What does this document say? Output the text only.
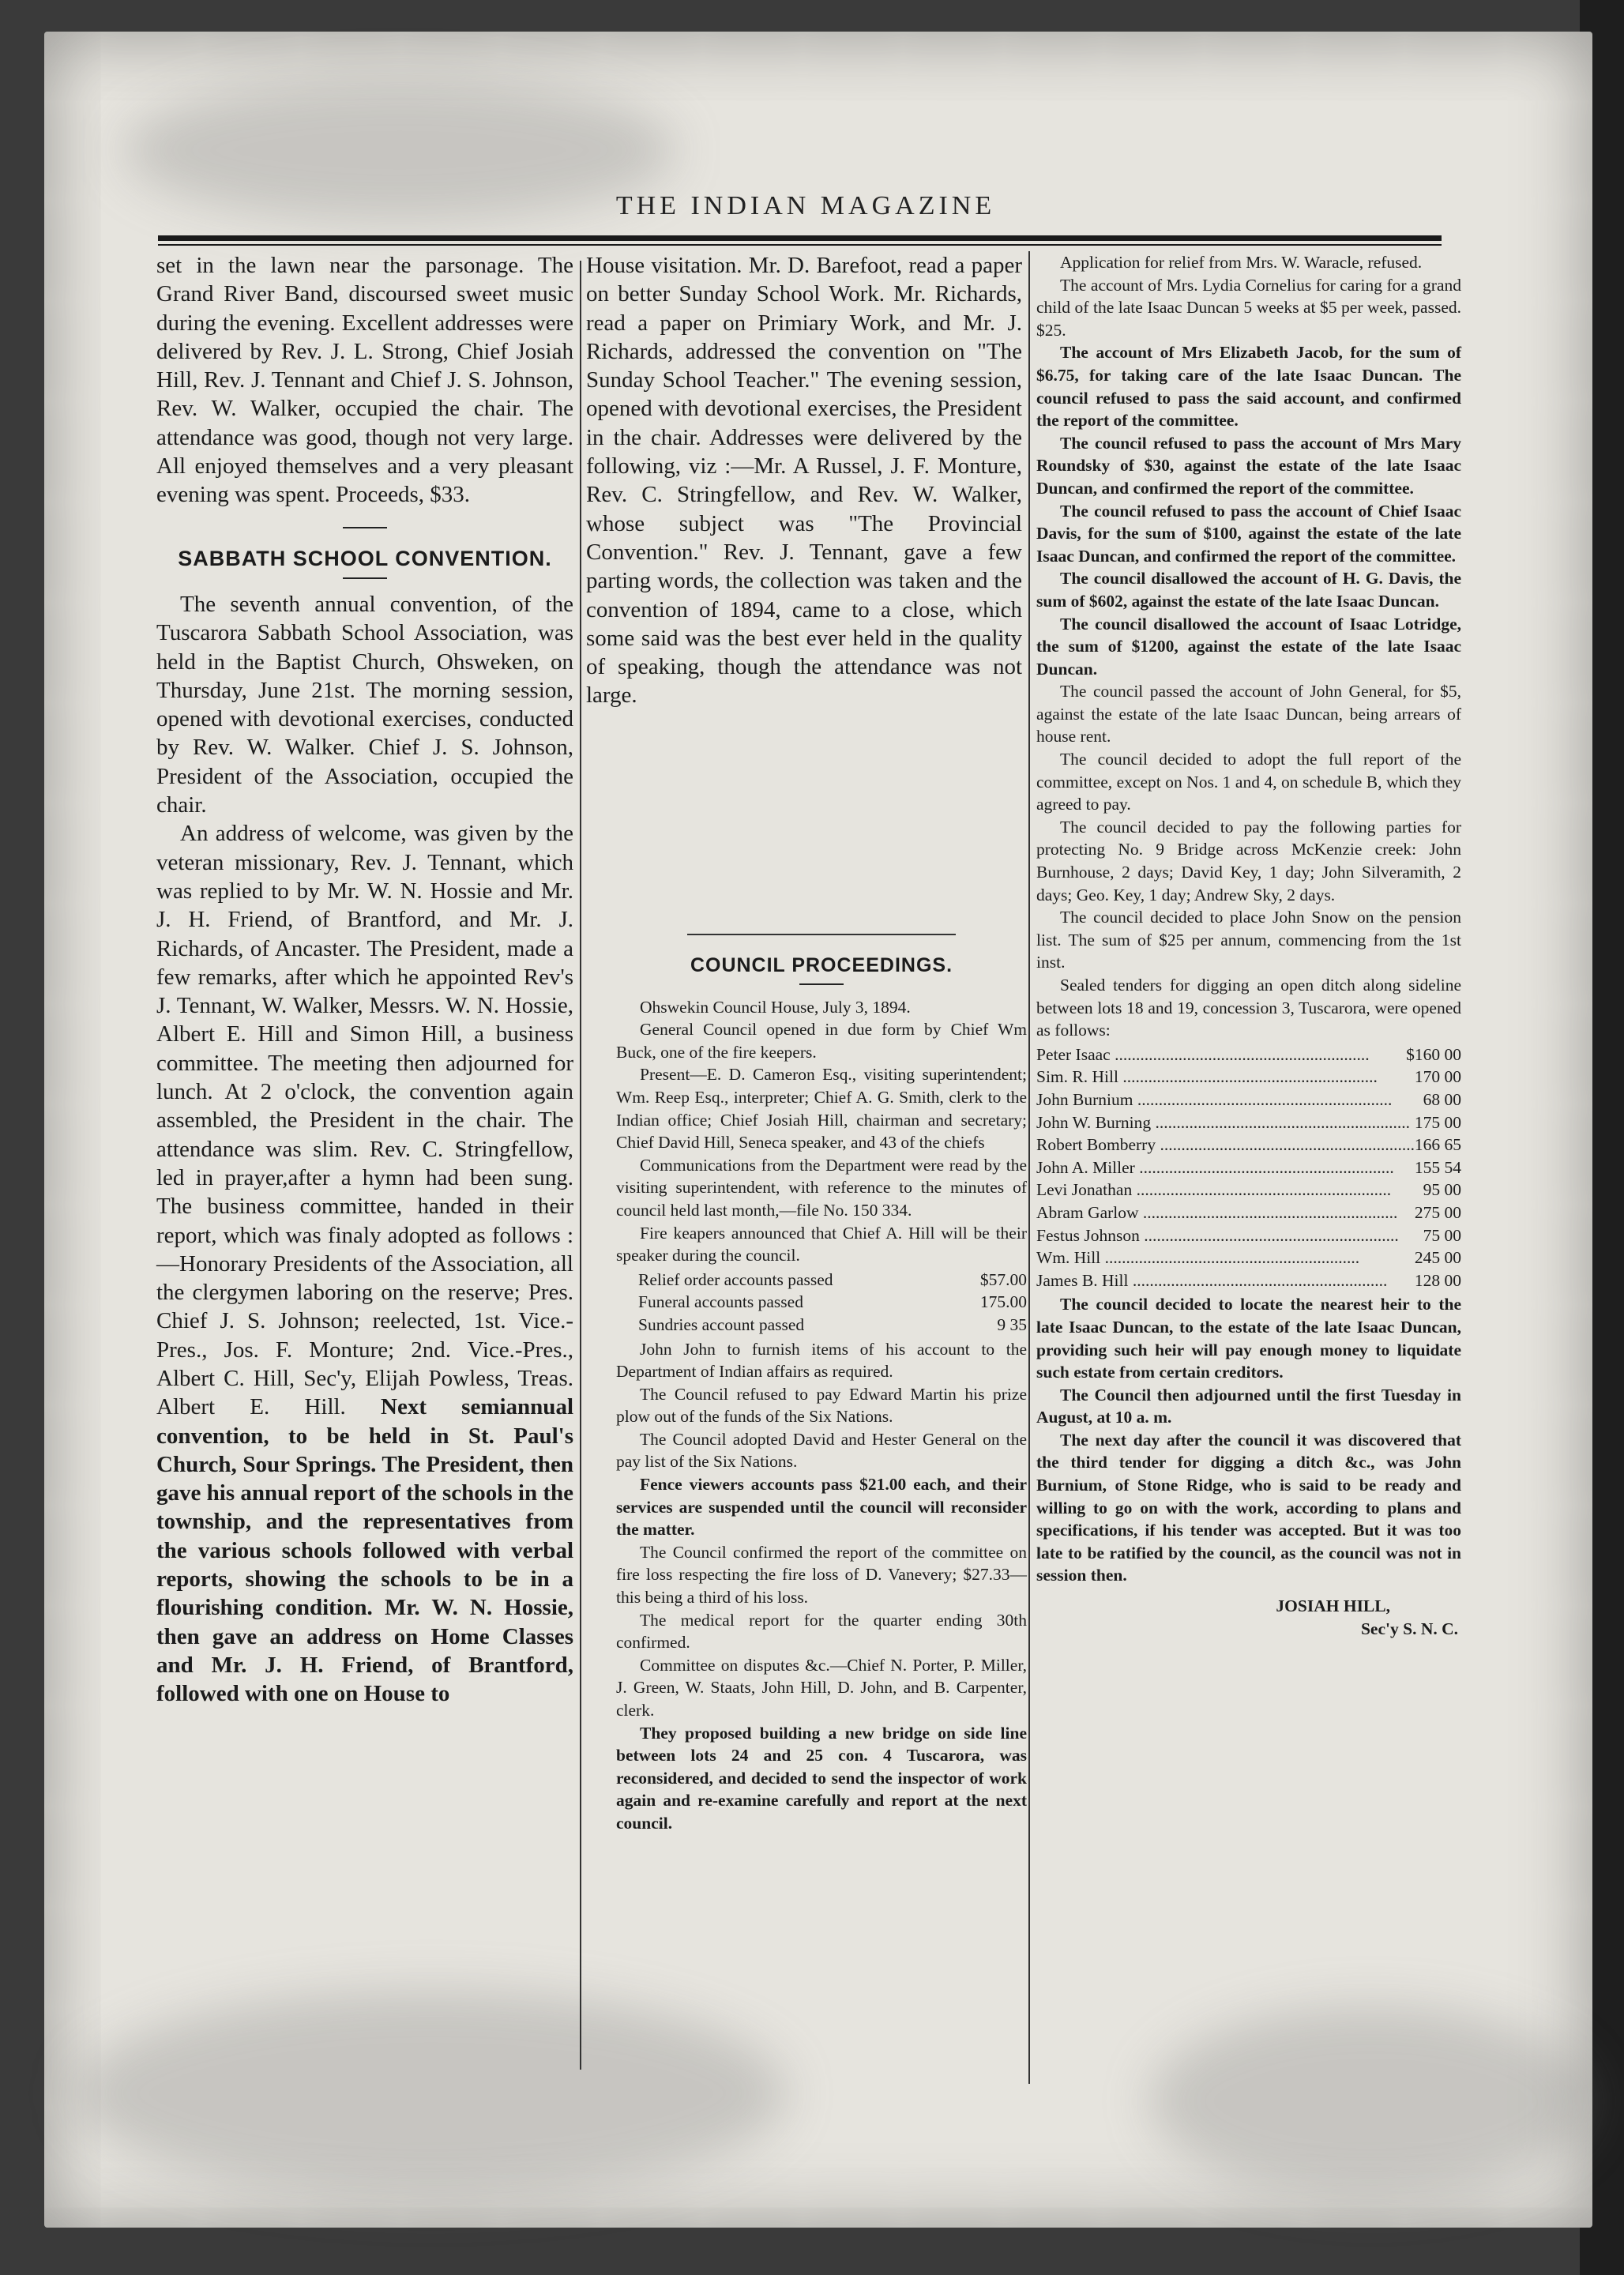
THE INDIAN MAGAZINE

set in the lawn near the parsonage. The Grand River Band, discoursed sweet music during the evening. Excellent addresses were delivered by Rev. J. L. Strong, Chief Josiah Hill, Rev. J. Tennant and Chief J. S. Johnson, Rev. W. Walker, occupied the chair. The attendance was good, though not very large. All enjoyed themselves and a very pleasant evening was spent. Proceeds, $33.

SABBATH SCHOOL CONVENTION.

The seventh annual convention, of the Tuscarora Sabbath School Association, was held in the Baptist Church, Ohsweken, on Thursday, June 21st. The morning session, opened with devotional exercises, conducted by Rev. W. Walker. Chief J. S. Johnson, President of the Association, occupied the chair.

An address of welcome, was given by the veteran missionary, Rev. J. Tennant, which was replied to by Mr. W. N. Hossie and Mr. J. H. Friend, of Brantford, and Mr. J. Richards, of Ancaster. The President, made a few remarks, after which he appointed Rev's J. Tennant, W. Walker, Messrs. W. N. Hossie, Albert E. Hill and Simon Hill, a business committee. The meeting then adjourned for lunch. At 2 o'clock, the convention again assembled, the President in the chair. The attendance was slim. Rev. C. Stringfellow, led in prayer,after a hymn had been sung. The business committee, handed in their report, which was finaly adopted as follows :—Honorary Presidents of the Association, all the clergymen laboring on the reserve; Pres. Chief J. S. Johnson; reelected, 1st. Vice.-Pres., Jos. F. Monture; 2nd. Vice.-Pres., Albert C. Hill, Sec'y, Elijah Powless, Treas. Albert E. Hill. Next semiannual convention, to be held in St. Paul's Church, Sour Springs. The President, then gave his annual report of the schools in the township, and the representatives from the various schools followed with verbal reports, showing the schools to be in a flourishing condition. Mr. W. N. Hossie, then gave an address on Home Classes and Mr. J. H. Friend, of Brantford, followed with one on House to

House visitation. Mr. D. Barefoot, read a paper on better Sunday School Work. Mr. Richards, read a paper on Primiary Work, and Mr. J. Richards, addressed the convention on "The Sunday School Teacher." The evening session, opened with devotional exercises, the President in the chair. Addresses were delivered by the following, viz :—Mr. A Russel, J. F. Monture, Rev. C. Stringfellow, and Rev. W. Walker, whose subject was "The Provincial Convention." Rev. J. Tennant, gave a few parting words, the collection was taken and the convention of 1894, came to a close, which some said was the best ever held in the quality of speaking, though the attendance was not large.

COUNCIL PROCEEDINGS.

Ohswekin Council House, July 3, 1894.

General Council opened in due form by Chief Wm Buck, one of the fire keepers.

Present—E. D. Cameron Esq., visiting superintendent; Wm. Reep Esq., interpreter; Chief A. G. Smith, clerk to the Indian office; Chief Josiah Hill, chairman and secretary; Chief David Hill, Seneca speaker, and 43 of the chiefs

Communications from the Department were read by the visiting superintendent, with reference to the minutes of council held last month,—file No. 150 334.

Fire keapers announced that Chief A. Hill will be their speaker during the council.

Relief order accounts passed	$57.00
Funeral accounts passed	175.00
Sundries account passed	9 35

John John to furnish items of his account to the Department of Indian affairs as required.

The Council refused to pay Edward Martin his prize plow out of the funds of the Six Nations.

The Council adopted David and Hester General on the pay list of the Six Nations.

Fence viewers accounts pass $21.00 each, and their services are suspended until the council will reconsider the matter.

The Council confirmed the report of the committee on fire loss respecting the fire loss of D. Vanevery; $27.33—this being a third of his loss.

The medical report for the quarter ending 30th confirmed.

Committee on disputes &c.—Chief N. Porter, P. Miller, J. Green, W. Staats, John Hill, D. John, and B. Carpenter, clerk.

They proposed building a new bridge on side line between lots 24 and 25 con. 4 Tuscarora, was reconsidered, and decided to send the inspector of work again and re-examine carefully and report at the next council.

Application for relief from Mrs. W. Waracle, refused.

The account of Mrs. Lydia Cornelius for caring for a grand child of the late Isaac Duncan 5 weeks at $5 per week, passed. $25.

The account of Mrs Elizabeth Jacob, for the sum of $6.75, for taking care of the late Isaac Duncan. The council refused to pass the said account, and confirmed the report of the committee.

The council refused to pass the account of Mrs Mary Roundsky of $30, against the estate of the late Isaac Duncan, and confirmed the report of the committee.

The council refused to pass the account of Chief Isaac Davis, for the sum of $100, against the estate of the late Isaac Duncan, and confirmed the report of the committee.

The council disallowed the account of H. G. Davis, the sum of $602, against the estate of the late Isaac Duncan.

The council disallowed the account of Isaac Lotridge, the sum of $1200, against the estate of the late Isaac Duncan.

The council passed the account of John General, for $5, against the estate of the late Isaac Duncan, being arrears of house rent.

The council decided to adopt the full report of the committee, except on Nos. 1 and 4, on schedule B, which they agreed to pay.

The council decided to pay the following parties for protecting No. 9 Bridge across McKenzie creek: John Burnhouse, 2 days; David Key, 1 day; John Silveramith, 2 days; Geo. Key, 1 day; Andrew Sky, 2 days.

The council decided to place John Snow on the pension list. The sum of $25 per annum, commencing from the 1st inst.

Sealed tenders for digging an open ditch along sideline between lots 18 and 19, concession 3, Tuscarora, were opened as follows:

Peter Isaac ............................................................ $160 00
Sim. R. Hill ............................................................ 170 00
John Burnium ............................................................ 68 00
John W. Burning ............................................................ 175 00
Robert Bomberry ............................................................ 166 65
John A. Miller ............................................................ 155 54
Levi Jonathan ............................................................ 95 00
Abram Garlow ............................................................ 275 00
Festus Johnson ............................................................ 75 00
Wm. Hill ............................................................	245 00
James B. Hill ............................................................ 128 00

The council decided to locate the nearest heir to the late Isaac Duncan, to the estate of the late Isaac Duncan, providing such heir will pay enough money to liquidate such estate from certain creditors.

The Council then adjourned until the first Tuesday in August, at 10 a. m.

The next day after the council it was discovered that the third tender for digging a ditch &c., was John Burnium, of Stone Ridge, who is said to be ready and willing to go on with the work, according to plans and specifications, if his tender was accepted. But it was too late to be ratified by the council, as the council was not in session then.

JOSIAH HILL,

Sec'y S. N. C.
